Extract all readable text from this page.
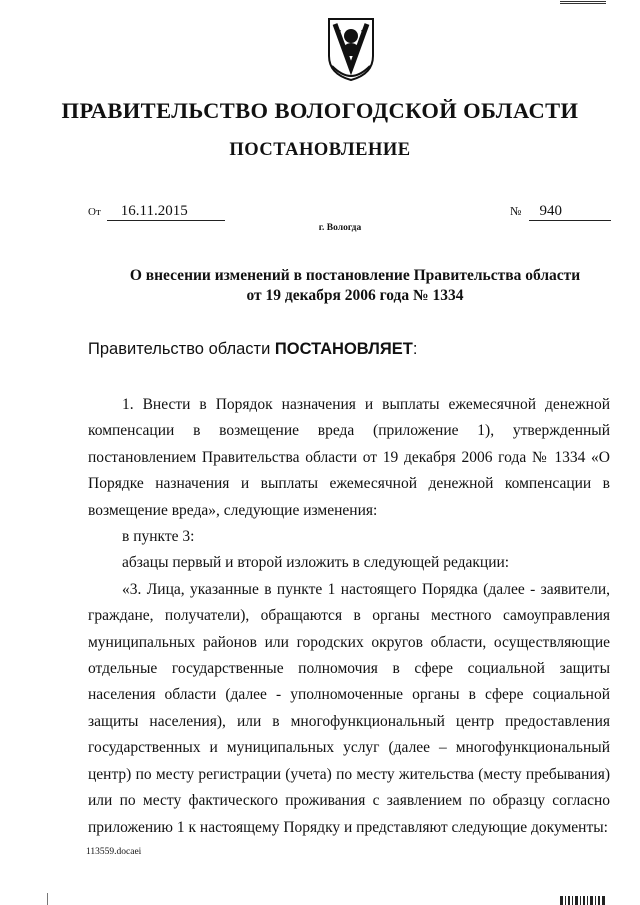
ПРАВИТЕЛЬСТВО ВОЛОГОДСКОЙ ОБЛАСТИ
ПОСТАНОВЛЕНИЕ
От 16.11.2015	№ 940
г. Вологда
О внесении изменений в постановление Правительства области
от 19 декабря 2006 года № 1334
Правительство области ПОСТАНОВЛЯЕТ:

1. Внести в Порядок назначения и выплаты ежемесячной денежной компенсации в возмещение вреда (приложение 1), утвержденный постановлением Правительства области от 19 декабря 2006 года № 1334 «О Порядке назначения и выплаты ежемесячной денежной компенсации в возмещение вреда», следующие изменения:

в пункте 3:

абзацы первый и второй изложить в следующей редакции:

«3. Лица, указанные в пункте 1 настоящего Порядка (далее - заявители, граждане, получатели), обращаются в органы местного самоуправления муниципальных районов или городских округов области, осуществляющие отдельные государственные полномочия в сфере социальной защиты населения области (далее - уполномоченные органы в сфере социальной защиты населения), или в многофункциональный центр предоставления государственных и муниципальных услуг (далее – многофункциональный центр) по месту регистрации (учета) по месту жительства (месту пребывания) или по месту фактического проживания с заявлением по образцу согласно приложению 1 к настоящему Порядку и представляют следующие документы:

113559.docaei
